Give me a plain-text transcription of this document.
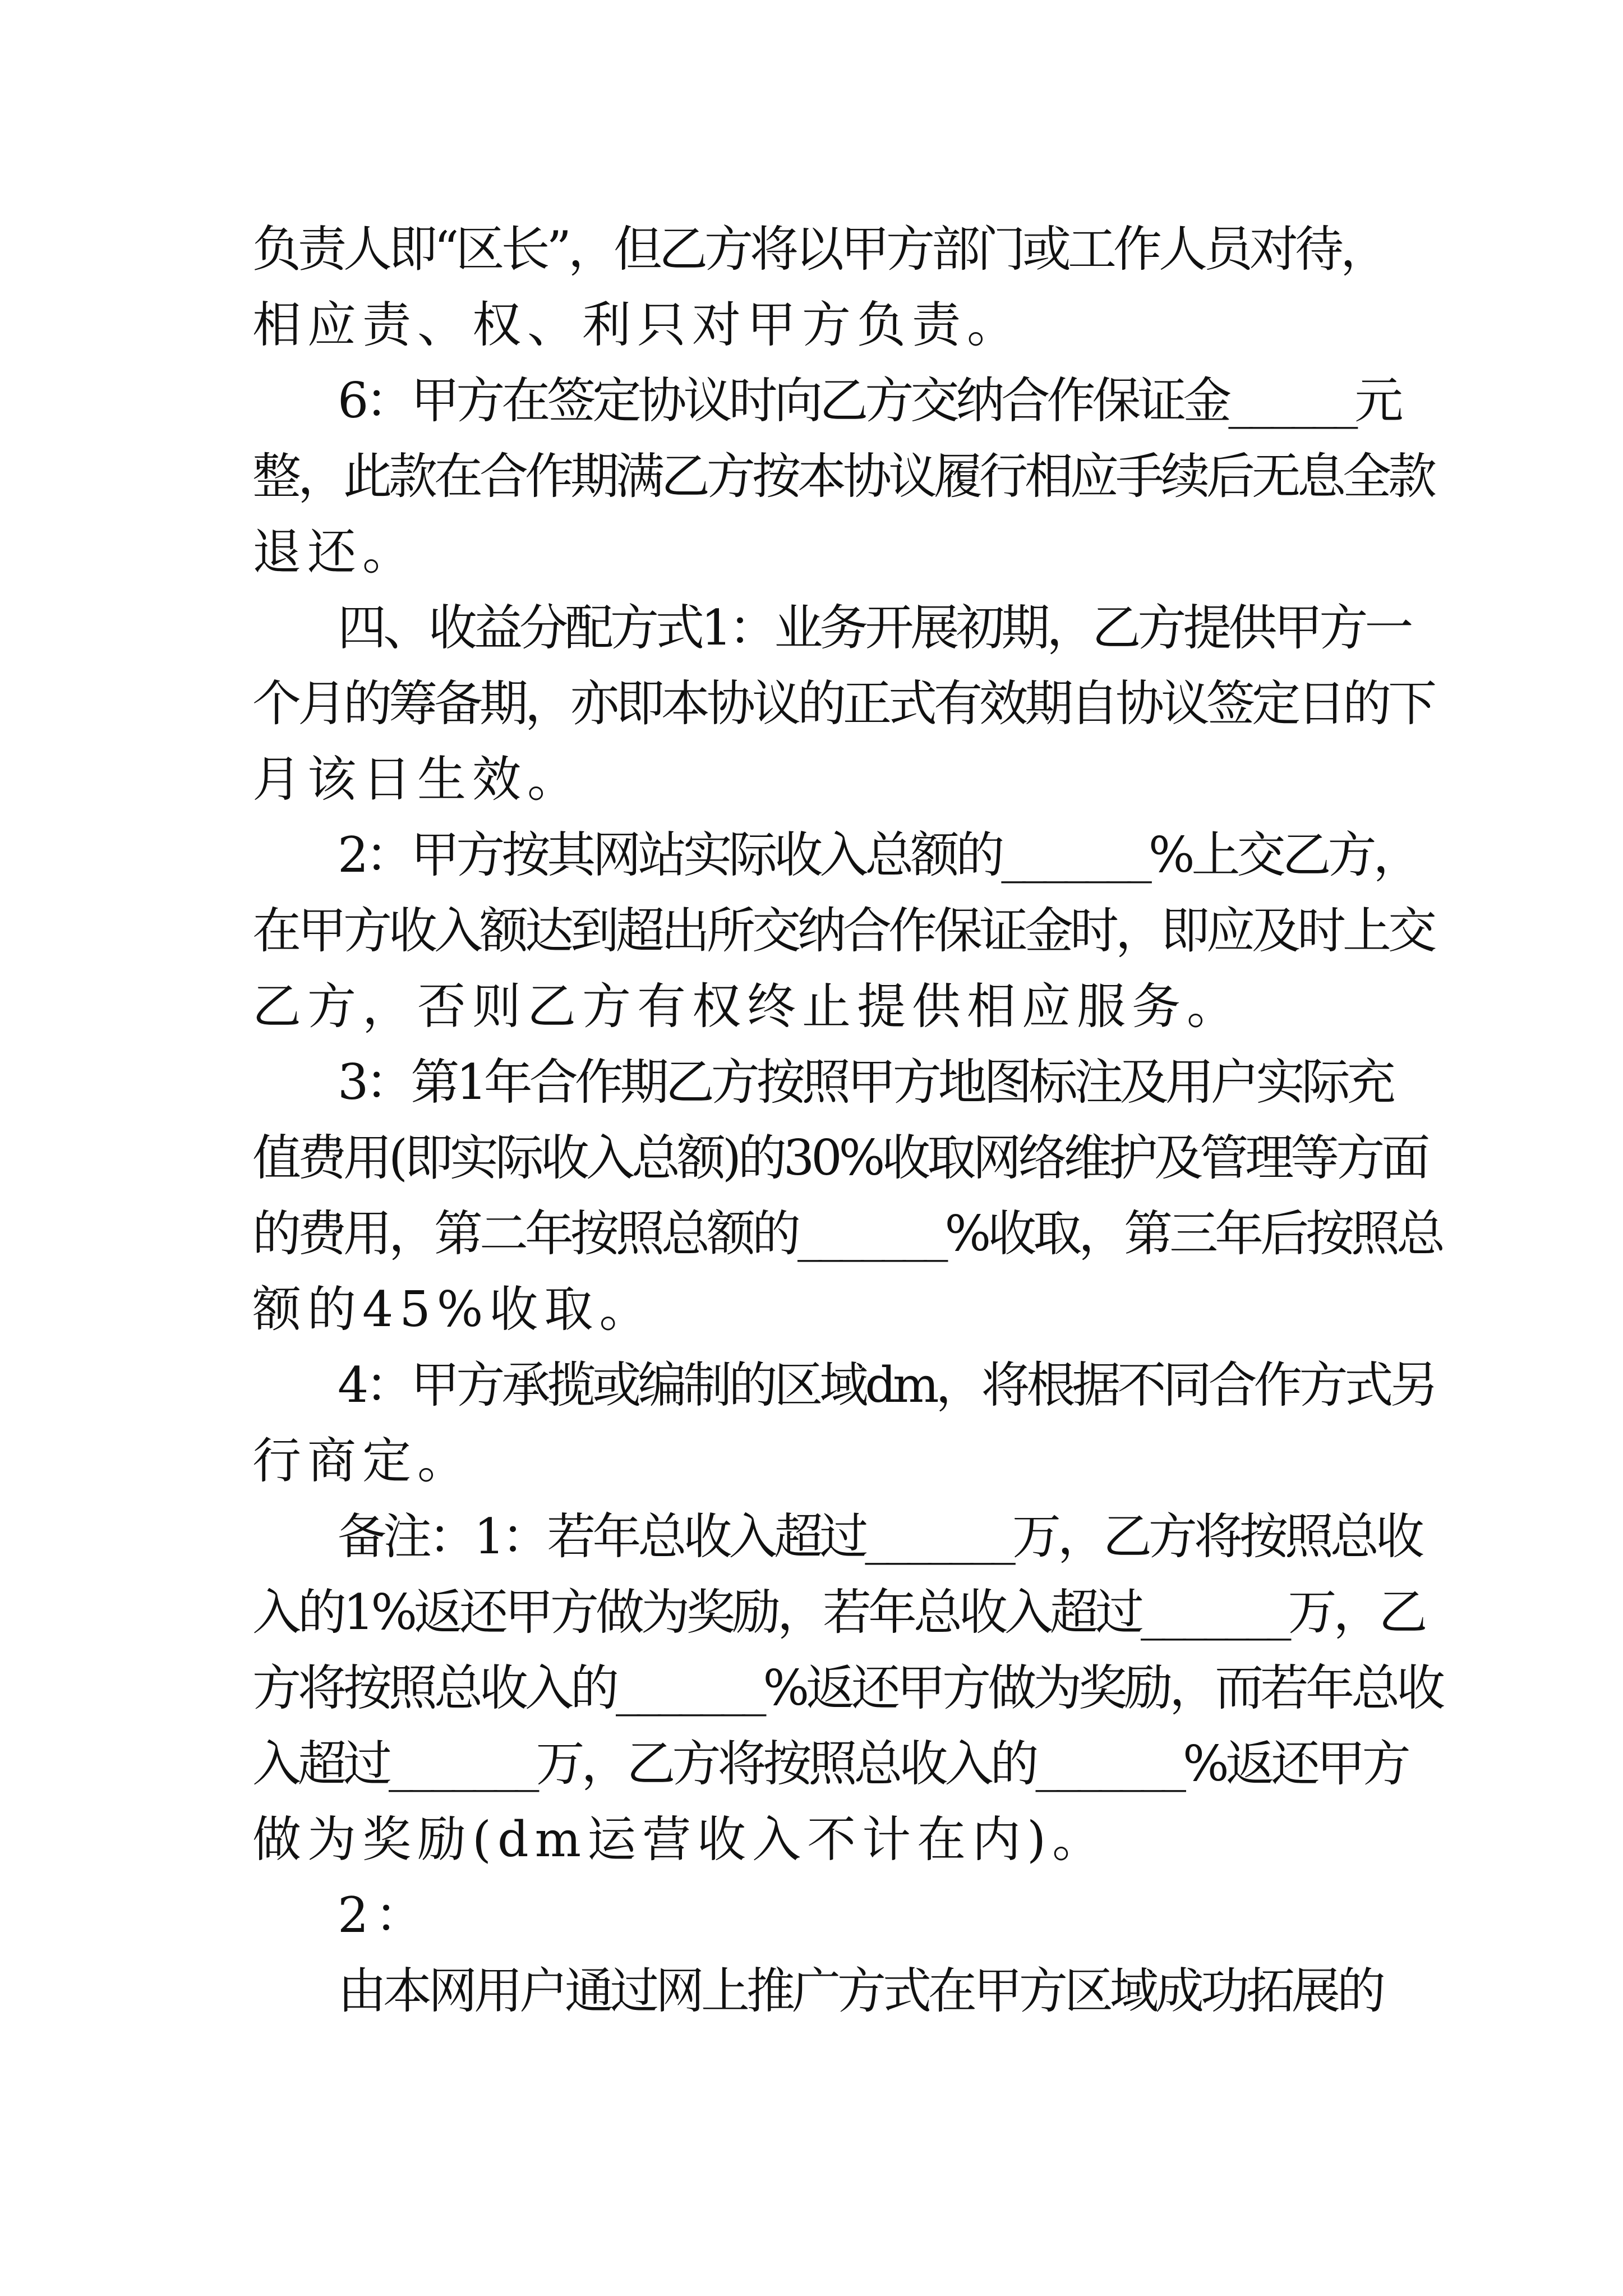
负责人即“区长”，但乙方将以甲方部门或工作人员对待，

相应责、权、利只对甲方负责。

6：甲方在签定协议时向乙方交纳合作保证金______元

整，此款在合作期满乙方按本协议履行相应手续后无息全款

退还。

四、收益分配方式1：业务开展初期，乙方提供甲方一

个月的筹备期，亦即本协议的正式有效期自协议签定日的下

月该日生效。

2：甲方按其网站实际收入总额的_______%上交乙方，

在甲方收入额达到超出所交纳合作保证金时，即应及时上交

乙方，否则乙方有权终止提供相应服务。

3：第1年合作期乙方按照甲方地图标注及用户实际充

值费用(即实际收入总额)的30%收取网络维护及管理等方面

的费用，第二年按照总额的_______%收取，第三年后按照总

额的45%收取。

4：甲方承揽或编制的区域dm，将根据不同合作方式另

行商定。

备注：1：若年总收入超过_______万，乙方将按照总收

入的1%返还甲方做为奖励，若年总收入超过_______万，乙

方将按照总收入的_______%返还甲方做为奖励，而若年总收

入超过_______万，乙方将按照总收入的_______%返还甲方

做为奖励(dm运营收入不计在内)。

2：

由本网用户通过网上推广方式在甲方区域成功拓展的
